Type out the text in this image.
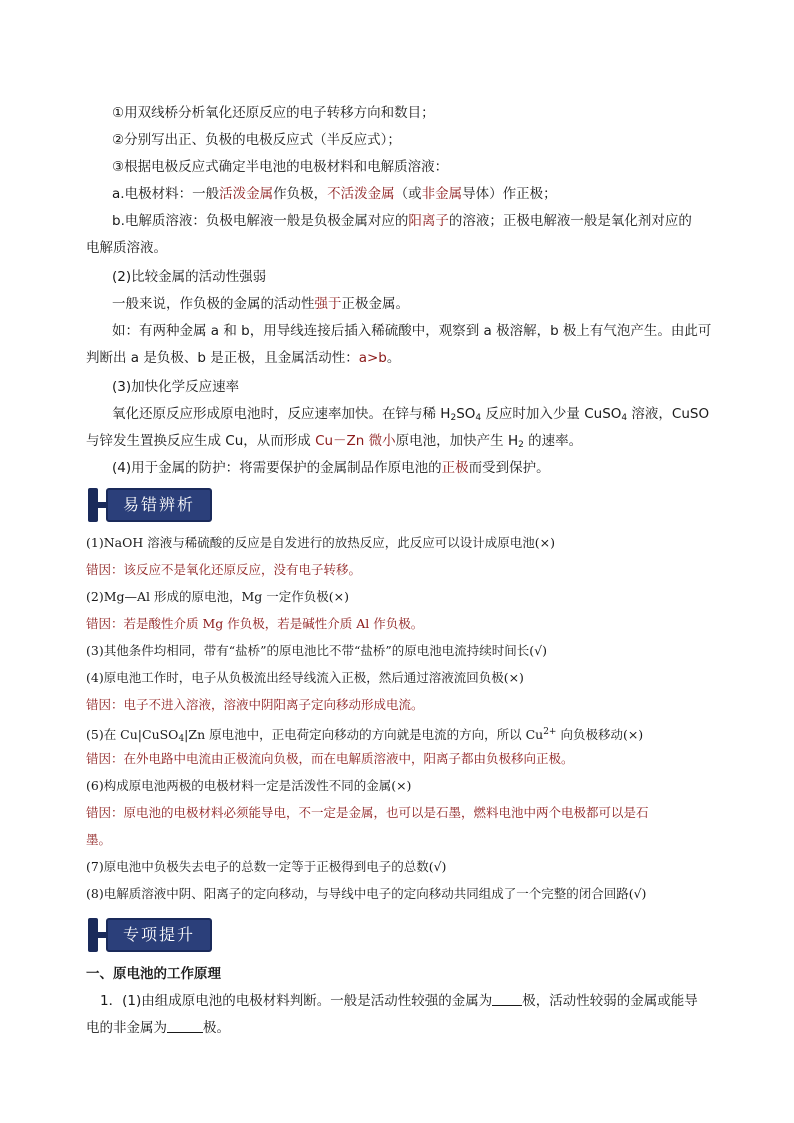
①用双线桥分析氧化还原反应的电子转移方向和数目；
②分别写出正、负极的电极反应式（半反应式）；
③根据电极反应式确定半电池的电极材料和电解质溶液：
a.电极材料：一般活泼金属作负极，不活泼金属（或非金属导体）作正极；
b.电解质溶液：负极电解液一般是负极金属对应的阳离子的溶液；正极电解液一般是氧化剂对应的
电解质溶液。
(2)比较金属的活动性强弱
一般来说，作负极的金属的活动性强于正极金属。
如：有两种金属 a 和 b，用导线连接后插入稀硫酸中，观察到 a 极溶解，b 极上有气泡产生。由此可
判断出 a 是负极、b 是正极，且金属活动性：a>b。
(3)加快化学反应速率
氧化还原反应形成原电池时，反应速率加快。在锌与稀 $H_2SO_4$ 反应时加入少量 CuSO$_4$ 溶液，CuSO
与锌发生置换反应生成 Cu，从而形成 Cu－Zn 微小原电池，加快产生 $H_2$ 的速率。
(4)用于金属的防护：将需要保护的金属制品作原电池的正极而受到保护。
易错辨析
(1)NaOH 溶液与稀硫酸的反应是自发进行的放热反应，此反应可以设计成原电池(×)
错因：该反应不是氧化还原反应，没有电子转移。
(2)Mg—Al 形成的原电池，Mg 一定作负极(×)
错因：若是酸性介质 Mg 作负极，若是碱性介质 Al 作负极。
(3)其他条件均相同，带有“盐桥”的原电池比不带“盐桥”的原电池电流持续时间长(√)
(4)原电池工作时，电子从负极流出经导线流入正极，然后通过溶液流回负极(×)
错因：电子不进入溶液，溶液中阴阳离子定向移动形成电流。
(5)在 Cu|CuSO$_4$|Zn 原电池中，正电荷定向移动的方向就是电流的方向，所以 $Cu^{2+}$ 向负极移动(×)
错因：在外电路中电流由正极流向负极，而在电解质溶液中，阳离子都由负极移向正极。
(6)构成原电池两极的电极材料一定是活泼性不同的金属(×)
错因：原电池的电极材料必须能导电，不一定是金属，也可以是石墨，燃料电池中两个电极都可以是石
墨。
(7)原电池中负极失去电子的总数一定等于正极得到电子的总数(√)
(8)电解质溶液中阴、阳离子的定向移动，与导线中电子的定向移动共同组成了一个完整的闭合回路(√)
专项提升
一、原电池的工作原理
1．(1)由组成原电池的电极材料判断。一般是活动性较强的金属为 极，活动性较弱的金属或能导
电的非金属为	极。
